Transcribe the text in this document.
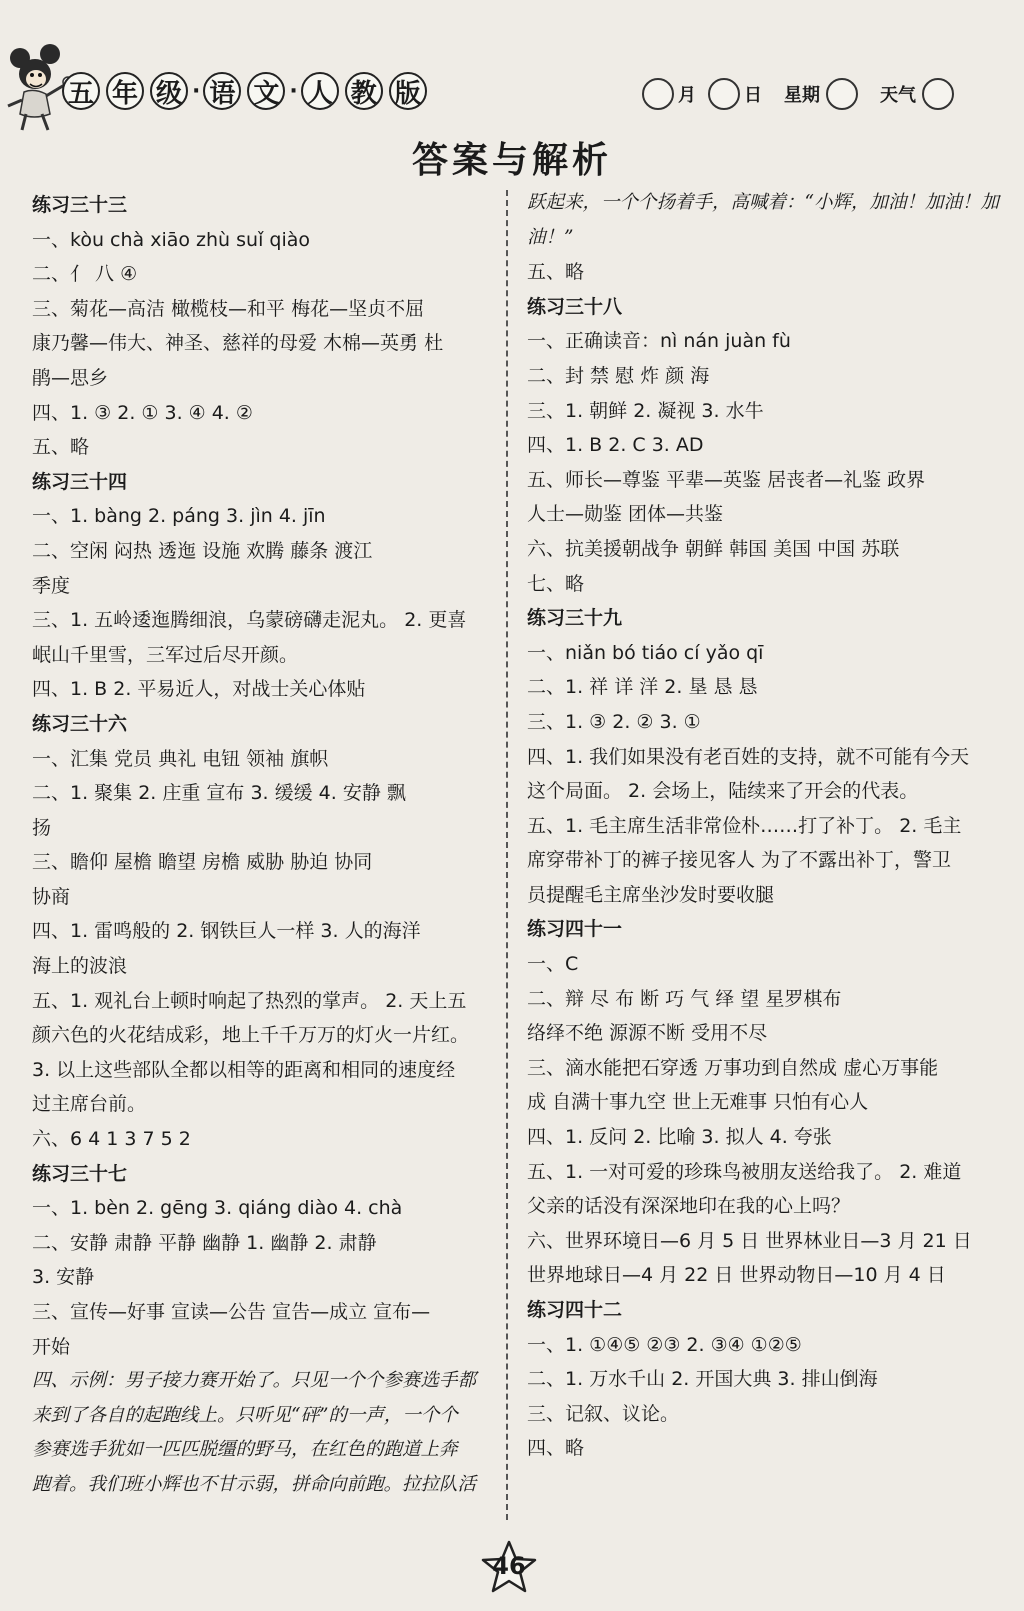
五 年 级 · 语 文 · 人 教 版	月	日 星期	天气
答案与解析
练习三十三
一、kòu chà xiāo zhù suǐ qiào
二、亻 八 ④
三、菊花—高洁 橄榄枝—和平 梅花—坚贞不屈
康乃馨—伟大、神圣、慈祥的母爱 木棉—英勇 杜
鹃—思乡
四、1. ③ 2. ① 3. ④ 4. ②
五、略
练习三十四
一、1. bàng 2. páng 3. jìn 4. jīn
二、空闲 闷热 透迤 设施 欢腾 藤条 渡江
季度
三、1. 五岭逶迤腾细浪，乌蒙磅礴走泥丸。 2. 更喜
岷山千里雪，三军过后尽开颜。
四、1. B 2. 平易近人，对战士关心体贴
练习三十六
一、汇集 党员 典礼 电钮 领袖 旗帜
二、1. 聚集 2. 庄重 宣布 3. 缓缓 4. 安静 飘
扬
三、瞻仰 屋檐 瞻望 房檐 威胁 胁迫 协同
协商
四、1. 雷鸣般的 2. 钢铁巨人一样 3. 人的海洋
海上的波浪
五、1. 观礼台上顿时响起了热烈的掌声。 2. 天上五
颜六色的火花结成彩，地上千千万万的灯火一片红。
3. 以上这些部队全都以相等的距离和相同的速度经
过主席台前。
六、6 4 1 3 7 5 2
练习三十七
一、1. bèn 2. gēng 3. qiáng diào 4. chà
二、安静 肃静 平静 幽静 1. 幽静 2. 肃静
3. 安静
三、宣传—好事 宣读—公告 宣告—成立 宣布—
开始
四、示例：男子接力赛开始了。只见一个个参赛选手都
来到了各自的起跑线上。只听见“砰”的一声，一个个
参赛选手犹如一匹匹脱缰的野马，在红色的跑道上奔
跑着。我们班小辉也不甘示弱，拼命向前跑。拉拉队活
跃起来，一个个扬着手，高喊着：“小辉，加油！加油！加
油！”
五、略
练习三十八
一、正确读音：nì nán juàn fù
二、封 禁 慰 炸 颜 海
三、1. 朝鲜 2. 凝视 3. 水牛
四、1. B 2. C 3. AD
五、师长—尊鉴 平辈—英鉴 居丧者—礼鉴 政界
人士—勋鉴 团体—共鉴
六、抗美援朝战争 朝鲜 韩国 美国 中国 苏联
七、略
练习三十九
一、niǎn bó tiáo cí yǎo qī
二、1. 祥 详 洋 2. 垦 恳 恳
三、1. ③ 2. ② 3. ①
四、1. 我们如果没有老百姓的支持，就不可能有今天
这个局面。 2. 会场上，陆续来了开会的代表。
五、1. 毛主席生活非常俭朴……打了补丁。 2. 毛主
席穿带补丁的裤子接见客人 为了不露出补丁，警卫
员提醒毛主席坐沙发时要收腿
练习四十一
一、C
二、辩 尽 布 断 巧 气 绎 望 星罗棋布
络绎不绝 源源不断 受用不尽
三、滴水能把石穿透 万事功到自然成 虚心万事能
成 自满十事九空 世上无难事 只怕有心人
四、1. 反问 2. 比喻 3. 拟人 4. 夸张
五、1. 一对可爱的珍珠鸟被朋友送给我了。 2. 难道
父亲的话没有深深地印在我的心上吗？
六、世界环境日—6 月 5 日 世界林业日—3 月 21 日
世界地球日—4 月 22 日 世界动物日—10 月 4 日
练习四十二
一、1. ①④⑤ ②③ 2. ③④ ①②⑤
二、1. 万水千山 2. 开国大典 3. 排山倒海
三、记叙、议论。
四、略
46
